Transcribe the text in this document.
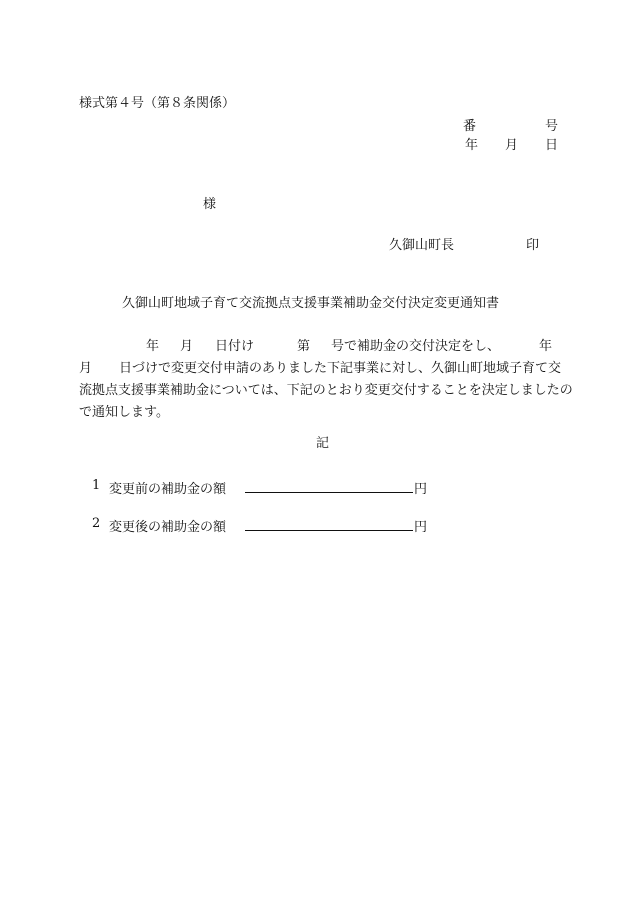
様式第４号（第８条関係）
番	号
年 月 日
様
久御山町長	印
久御山町地域子育て交流拠点支援事業補助金交付決定変更通知書
年 月 日付け	第 号で補助金の交付決定をし、	年
月 日づけで変更交付申請のありました下記事業に対し、久御山町地域子育て交
流拠点支援事業補助金については、下記のとおり変更交付することを決定しましたの
で通知します。
記
1 変更前の補助金の額	円
2 変更後の補助金の額	円
